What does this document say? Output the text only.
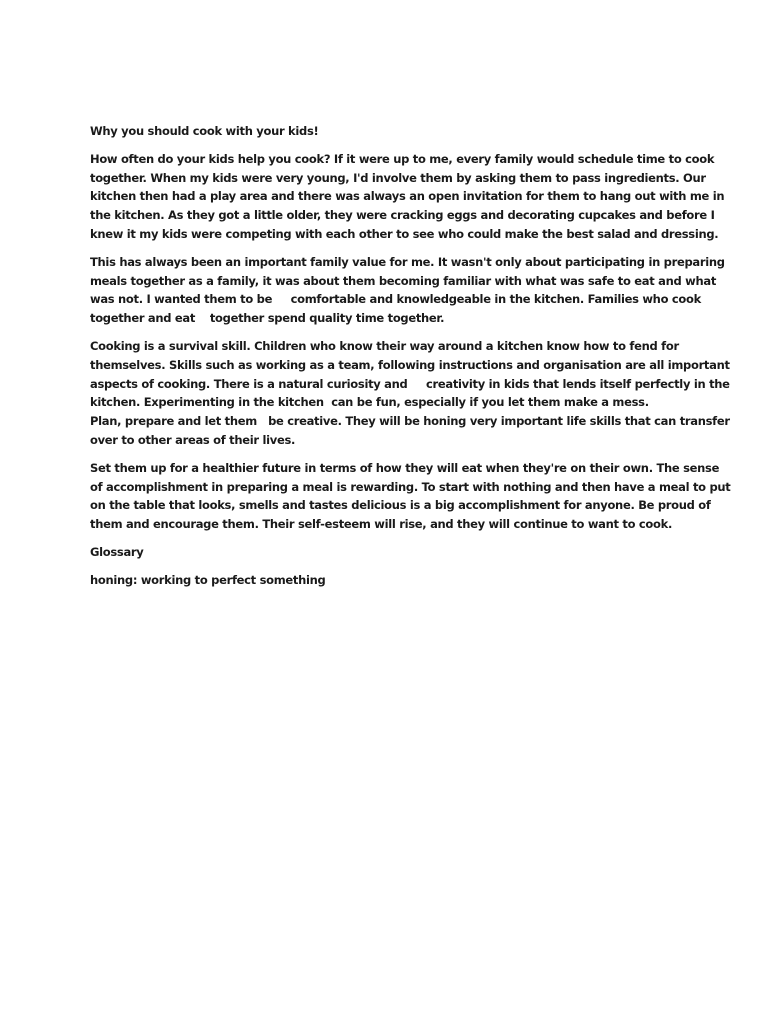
Why you should cook with your kids!
How often do your kids help you cook? If it were up to me, every family would schedule time to cook
together. When my kids were very young, I'd involve them by asking them to pass ingredients. Our
kitchen then had a play area and there was always an open invitation for them to hang out with me in
the kitchen. As they got a little older, they were cracking eggs and decorating cupcakes and before I
knew it my kids were competing with each other to see who could make the best salad and dressing.
This has always been an important family value for me. It wasn't only about participating in preparing
meals together as a family, it was about them becoming familiar with what was safe to eat and what
was not. I wanted them to be     comfortable and knowledgeable in the kitchen. Families who cook
together and eat    together spend quality time together.
Cooking is a survival skill. Children who know their way around a kitchen know how to fend for
themselves. Skills such as working as a team, following instructions and organisation are all important
aspects of cooking. There is a natural curiosity and     creativity in kids that lends itself perfectly in the
kitchen. Experimenting in the kitchen  can be fun, especially if you let them make a mess.
Plan, prepare and let them   be creative. They will be honing very important life skills that can transfer
over to other areas of their lives.
Set them up for a healthier future in terms of how they will eat when they're on their own. The sense
of accomplishment in preparing a meal is rewarding. To start with nothing and then have a meal to put
on the table that looks, smells and tastes delicious is a big accomplishment for anyone. Be proud of
them and encourage them. Their self-esteem will rise, and they will continue to want to cook.
Glossary
honing: working to perfect something
